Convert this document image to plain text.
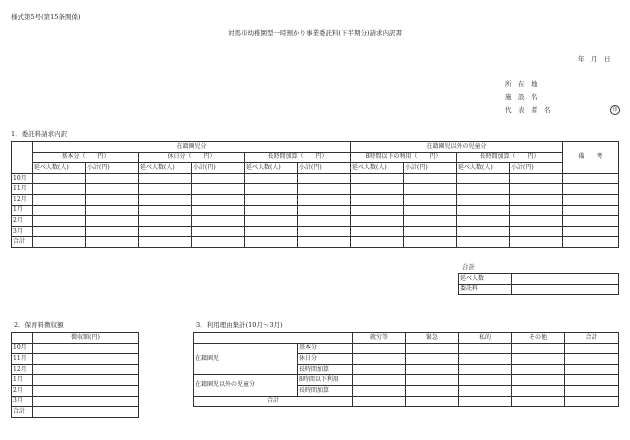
様式第5号(第15条関係)
対馬市幼稚園型一時預かり事業委託料(下半期分)請求内訳書
年　月　日
所　在　地
施　設　名
代　表　者　名	印
1．委託料請求内訳
	在籍園児分						在籍園児以外の児童分				備　　考
	基本分（　　円）		休日分（　　円）		長時間加算（　　円）		8時間以下の利用（　　円）		長時間加算（　　円）		
	延べ人数(人)	小計(円)	延べ人数(人)	小計(円)	延べ人数(人)	小計(円)	延べ人数(人)	小計(円)	延べ人数(人)	小計(円)	
10月											
11月											
12月											
1月											
2月											
3月											
合計											
合計
延べ人数	
委託料	
2．保育料徴収額
	徴収額(円)
10月	
11月	
12月	
1月	
2月	
3月	
合計	
3．利用理由集計(10月～3月)
		就労等	緊急	私的	その他	合計
在籍園児	基本分					
	休日分					
	長時間加算					
在籍園児以外の児童分	8時間以下利用					
	長時間加算					
合計						
